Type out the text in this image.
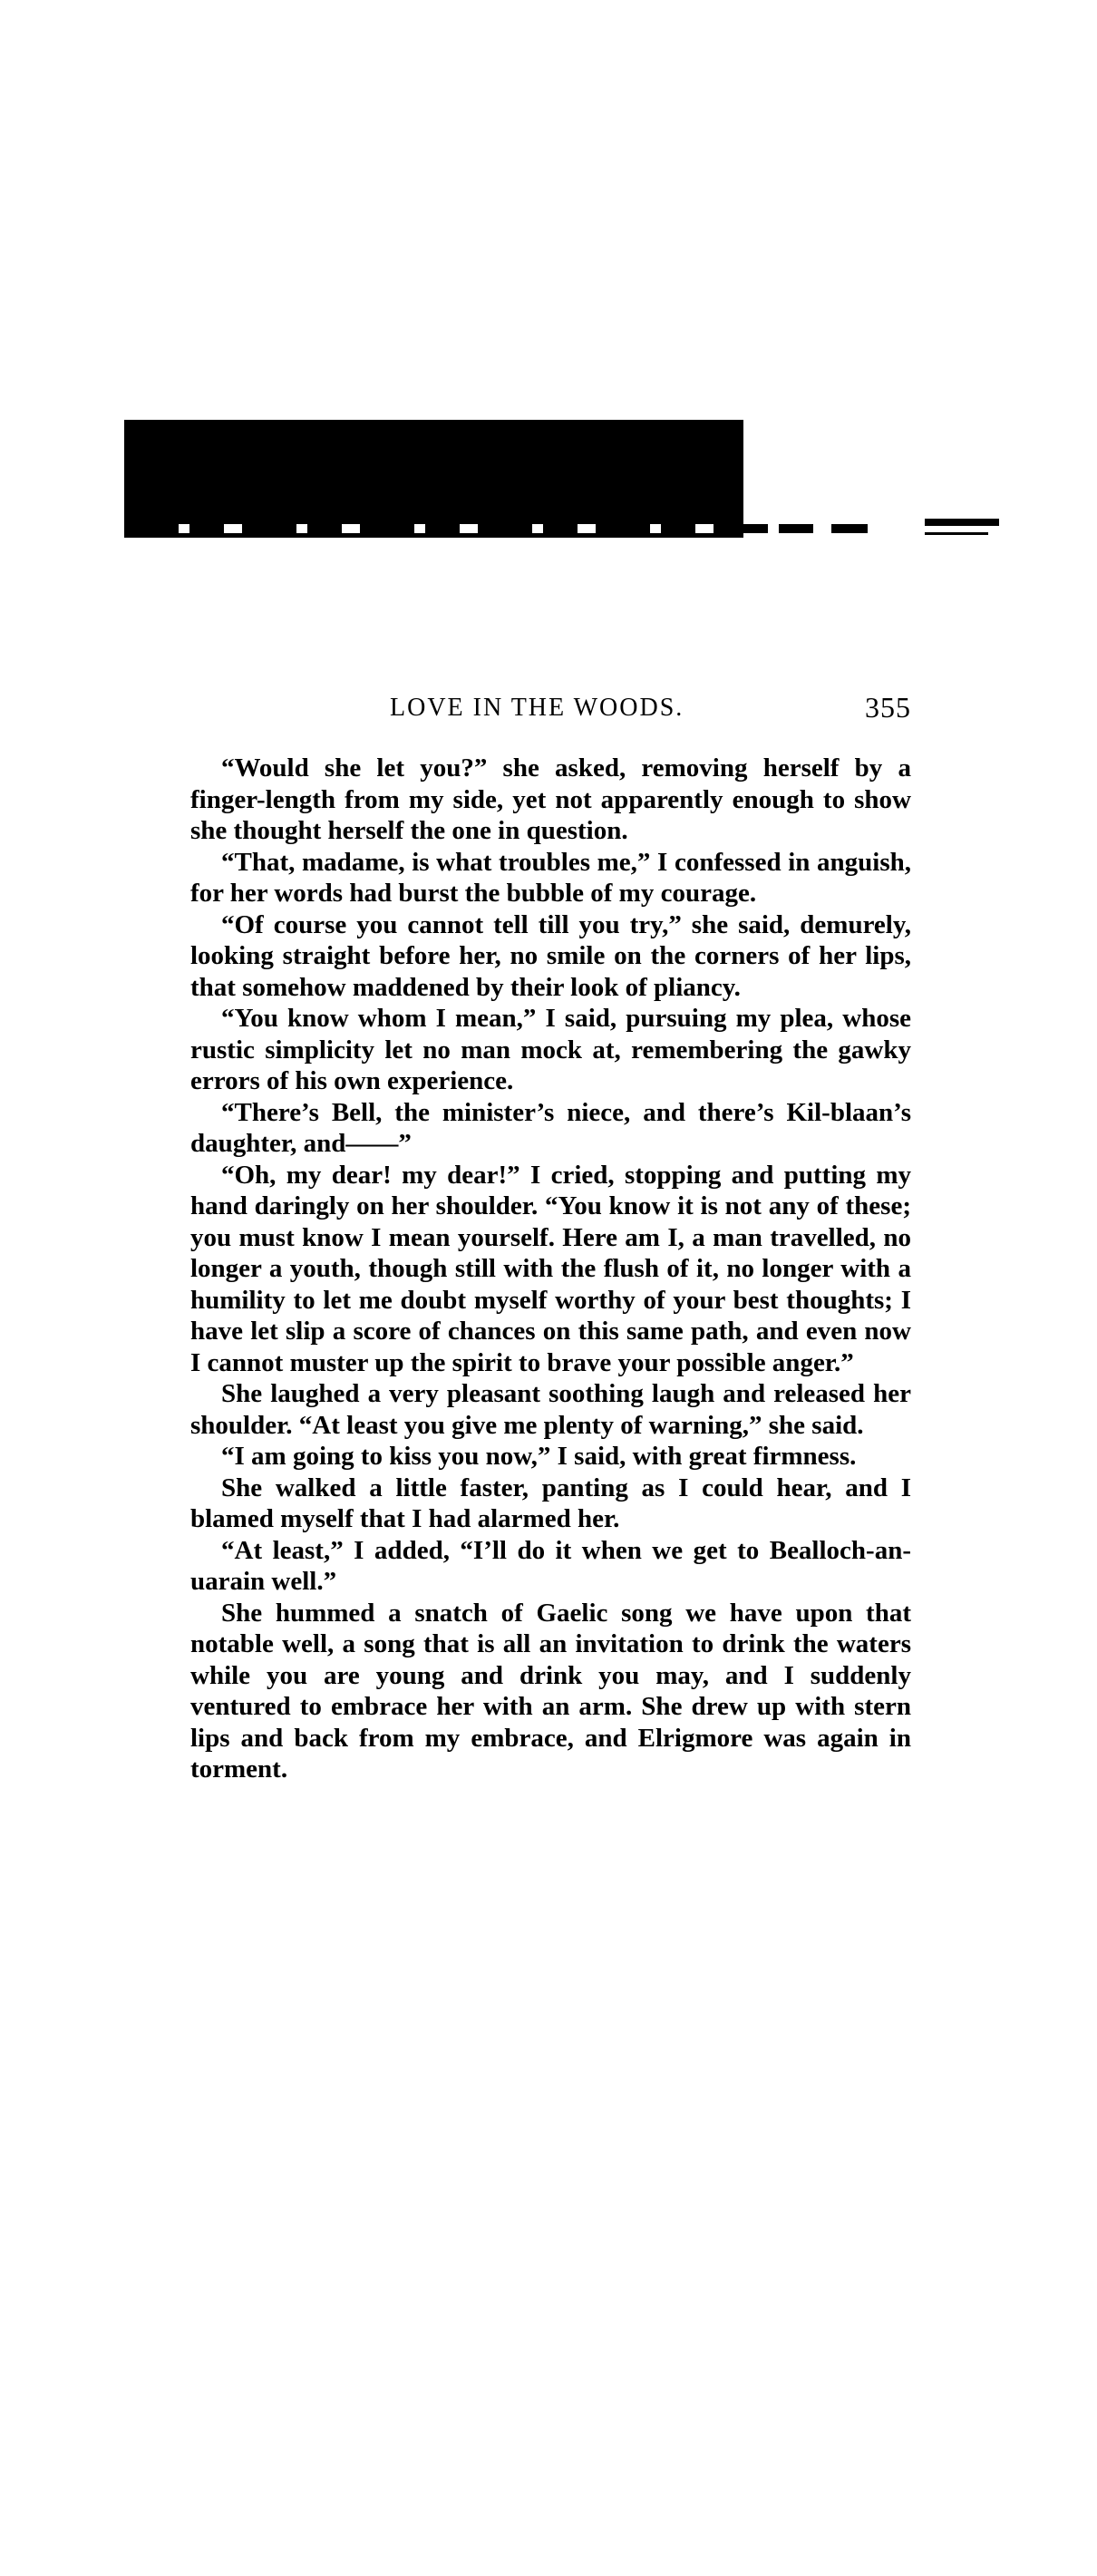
LOVE IN THE WOODS.	355

“Would she let you?” she asked, removing herself by a finger-length from my side, yet not apparently enough to show she thought herself the one in question.

“That, madame, is what troubles me,” I confessed in anguish, for her words had burst the bubble of my courage.

“Of course you cannot tell till you try,” she said, demurely, looking straight before her, no smile on the corners of her lips, that somehow maddened by their look of pliancy.

“You know whom I mean,” I said, pursuing my plea, whose rustic simplicity let no man mock at, remembering the gawky errors of his own experience.

“There’s Bell, the minister’s niece, and there’s Kil-blaan’s daughter, and——”

“Oh, my dear! my dear!” I cried, stopping and putting my hand daringly on her shoulder. “You know it is not any of these; you must know I mean yourself. Here am I, a man travelled, no longer a youth, though still with the flush of it, no longer with a humility to let me doubt myself worthy of your best thoughts; I have let slip a score of chances on this same path, and even now I cannot muster up the spirit to brave your possible anger.”

She laughed a very pleasant soothing laugh and released her shoulder. “At least you give me plenty of warning,” she said.

“I am going to kiss you now,” I said, with great firmness.

She walked a little faster, panting as I could hear, and I blamed myself that I had alarmed her.

“At least,” I added, “I’ll do it when we get to Bealloch-an-uarain well.”

She hummed a snatch of Gaelic song we have upon that notable well, a song that is all an invitation to drink the waters while you are young and drink you may, and I suddenly ventured to embrace her with an arm. She drew up with stern lips and back from my embrace, and Elrigmore was again in torment.
